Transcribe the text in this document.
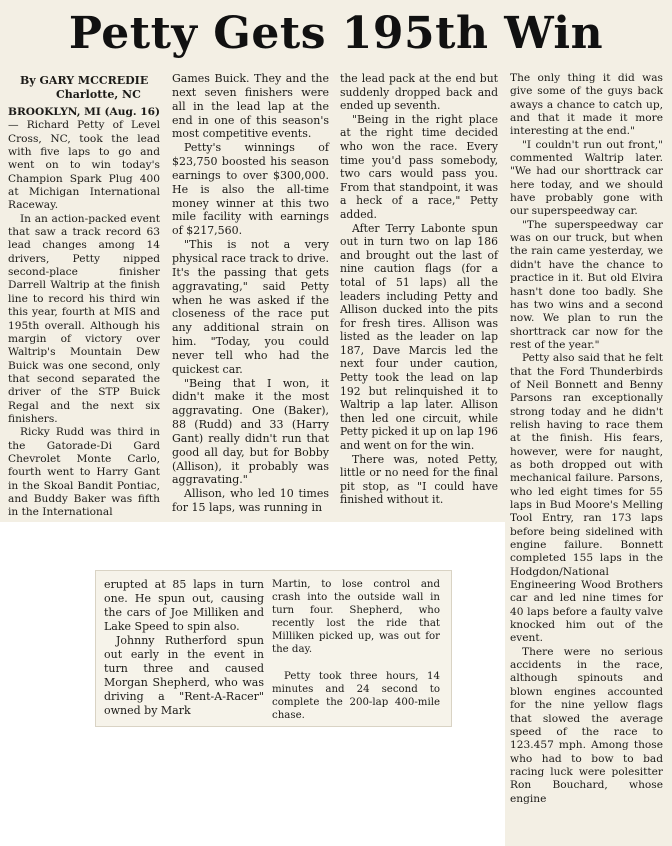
Petty Gets 195th Win

By GARY MCCREDIE

Charlotte, NC

BROOKLYN, MI (Aug. 16) — Richard Petty of Level Cross, NC, took the lead with five laps to go and went on to win today's Champion Spark Plug 400 at Michigan International Raceway.

In an action-packed event that saw a track record 63 lead changes among 14 drivers, Petty nipped second-place finisher Darrell Waltrip at the finish line to record his third win this year, fourth at MIS and 195th overall. Although his margin of victory over Waltrip's Mountain Dew Buick was one second, only that second separated the driver of the STP Buick Regal and the next six finishers.

Ricky Rudd was third in the Gatorade-Di Gard Chevrolet Monte Carlo, fourth went to Harry Gant in the Skoal Bandit Pontiac, and Buddy Baker was fifth in the International

Games Buick. They and the next seven finishers were all in the lead lap at the end in one of this season's most competitive events.

Petty's winnings of $23,750 boosted his season earnings to over $300,000. He is also the all-time money winner at this two mile facility with earnings of $217,560.

"This is not a very physical race track to drive. It's the passing that gets aggravating," said Petty when he was asked if the closeness of the race put any additional strain on him. "Today, you could never tell who had the quickest car.

"Being that I won, it didn't make it the most aggravating. One (Baker), 88 (Rudd) and 33 (Harry Gant) really didn't run that good all day, but for Bobby (Allison), it probably was aggravating."

Allison, who led 10 times for 15 laps, was running in

the lead pack at the end but suddenly dropped back and ended up seventh.

"Being in the right place at the right time decided who won the race. Every time you'd pass somebody, two cars would pass you. From that standpoint, it was a heck of a race," Petty added.

After Terry Labonte spun out in turn two on lap 186 and brought out the last of nine caution flags (for a total of 51 laps) all the leaders including Petty and Allison ducked into the pits for fresh tires. Allison was listed as the leader on lap 187, Dave Marcis led the next four under caution, Petty took the lead on lap 192 but relinquished it to Waltrip a lap later. Allison then led one circuit, while Petty picked it up on lap 196 and went on for the win.

There was, noted Petty, little or no need for the final pit stop, as "I could have finished without it.

The only thing it did was give some of the guys back aways a chance to catch up, and that it made it more interesting at the end."

"I couldn't run out front," commented Waltrip later. "We had our shorttrack car here today, and we should have probably gone with our superspeedway car.

"The superspeedway car was on our truck, but when the rain came yesterday, we didn't have the chance to practice in it. But old Elvira hasn't done too badly. She has two wins and a second now. We plan to run the shorttrack car now for the rest of the year."

Petty also said that he felt that the Ford Thunderbirds of Neil Bonnett and Benny Parsons ran exceptionally strong today and he didn't relish having to race them at the finish. His fears, however, were for naught, as both dropped out with mechanical failure. Parsons, who led eight times for 55 laps in Bud Moore's Melling Tool Entry, ran 173 laps before being sidelined with engine failure. Bonnett completed 155 laps in the Hodgdon/National Engineering Wood Brothers car and led nine times for 40 laps before a faulty valve knocked him out of the event.

There were no serious accidents in the race, although spinouts and blown engines accounted for the nine yellow flags that slowed the average speed of the race to 123.457 mph. Among those who had to bow to bad racing luck were polesitter Ron Bouchard, whose engine

erupted at 85 laps in turn one. He spun out, causing the cars of Joe Milliken and Lake Speed to spin also.

Johnny Rutherford spun out early in the event in turn three and caused Morgan Shepherd, who was driving a "Rent-A-Racer" owned by Mark

Martin, to lose control and crash into the outside wall in turn four. Shepherd, who recently lost the ride that Milliken picked up, was out for the day.

Petty took three hours, 14 minutes and 24 second to complete the 200-lap 400-mile chase.
